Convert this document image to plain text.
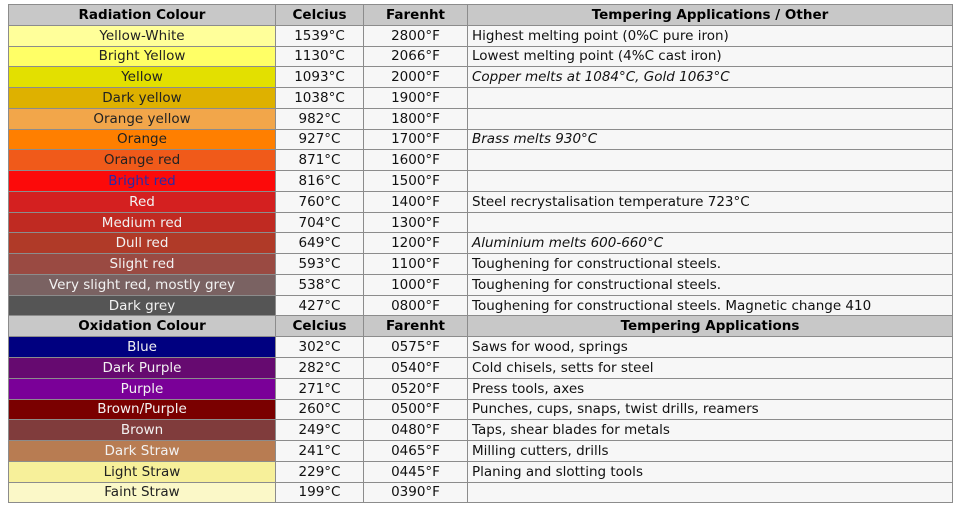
Radiation Colour	Celcius	Farenht	Tempering Applications / Other
Yellow-White	1539°C	2800°F	Highest melting point (0%C pure iron)
Bright Yellow	1130°C	2066°F	Lowest melting point (4%C cast iron)
Yellow	1093°C	2000°F	Copper melts at 1084°C, Gold 1063°C
Dark yellow	1038°C	1900°F	
Orange yellow	982°C	1800°F	
Orange	927°C	1700°F	Brass melts 930°C
Orange red	871°C	1600°F	
Bright red	816°C	1500°F	
Red	760°C	1400°F	Steel recrystalisation temperature 723°C
Medium red	704°C	1300°F	
Dull red	649°C	1200°F	Aluminium melts 600-660°C
Slight red	593°C	1100°F	Toughening for constructional steels.
Very slight red, mostly grey	538°C	1000°F	Toughening for constructional steels.
Dark grey	427°C	0800°F	Toughening for constructional steels. Magnetic change 410
Oxidation Colour	Celcius	Farenht	Tempering Applications
Blue	302°C	0575°F	Saws for wood, springs
Dark Purple	282°C	0540°F	Cold chisels, setts for steel
Purple	271°C	0520°F	Press tools, axes
Brown/Purple	260°C	0500°F	Punches, cups, snaps, twist drills, reamers
Brown	249°C	0480°F	Taps, shear blades for metals
Dark Straw	241°C	0465°F	Milling cutters, drills
Light Straw	229°C	0445°F	Planing and slotting tools
Faint Straw	199°C	0390°F	
